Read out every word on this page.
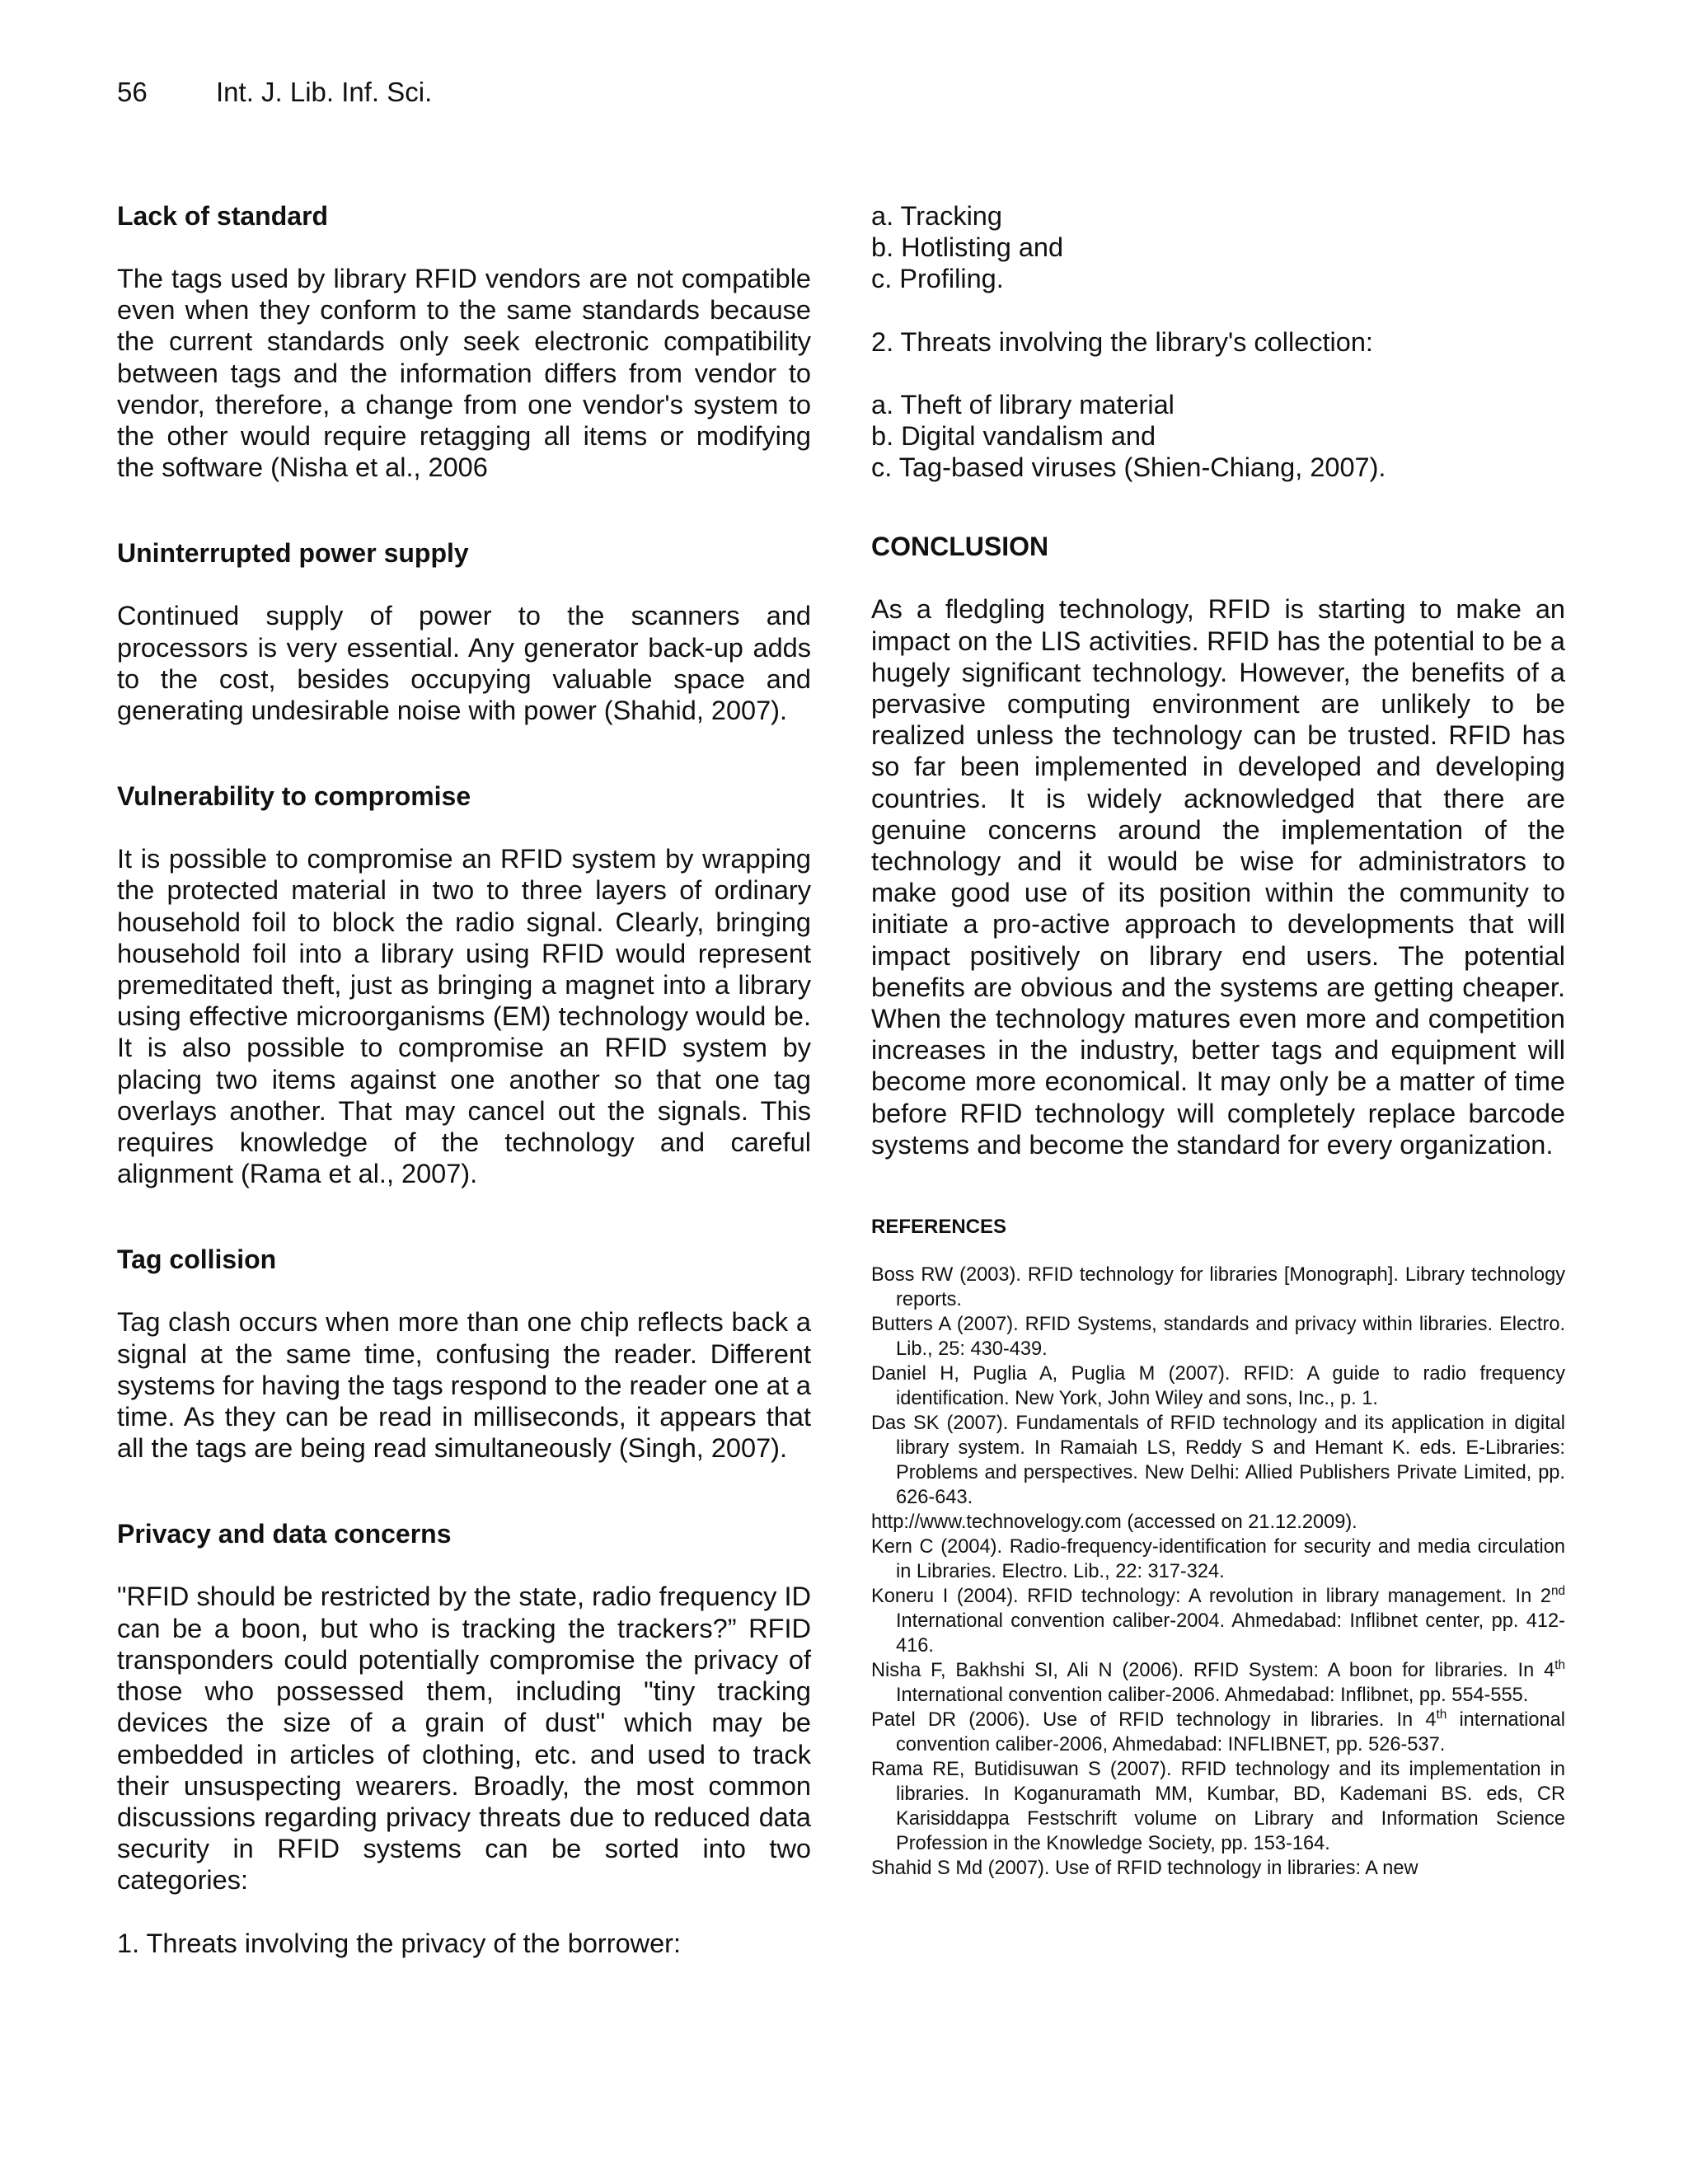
56	Int. J. Lib. Inf. Sci.
Lack of standard

The tags used by library RFID vendors are not compatible even when they conform to the same standards because the current standards only seek electronic compatibility between tags and the information differs from vendor to vendor, therefore, a change from one vendor's system to the other would require retagging all items or modifying the software (Nisha et al., 2006

Uninterrupted power supply

Continued supply of power to the scanners and processors is very essential. Any generator back-up adds to the cost, besides occupying valuable space and generating undesirable noise with power (Shahid, 2007).

Vulnerability to compromise

It is possible to compromise an RFID system by wrapping the protected material in two to three layers of ordinary household foil to block the radio signal. Clearly, bringing household foil into a library using RFID would represent premeditated theft, just as bringing a magnet into a library using effective microorganisms (EM) technology would be. It is also possible to compromise an RFID system by placing two items against one another so that one tag overlays another. That may cancel out the signals. This requires knowledge of the technology and careful alignment (Rama et al., 2007).

Tag collision

Tag clash occurs when more than one chip reflects back a signal at the same time, confusing the reader. Different systems for having the tags respond to the reader one at a time. As they can be read in milliseconds, it appears that all the tags are being read simultaneously (Singh, 2007).

Privacy and data concerns

"RFID should be restricted by the state, radio frequency ID can be a boon, but who is tracking the trackers?” RFID transponders could potentially compromise the privacy of those who possessed them, including "tiny tracking devices the size of a grain of dust" which may be embedded in articles of clothing, etc. and used to track their unsuspecting wearers. Broadly, the most common discussions regarding privacy threats due to reduced data security in RFID systems can be sorted into two categories:

1. Threats involving the privacy of the borrower:

a. Tracking

b. Hotlisting and

c. Profiling.

2. Threats involving the library's collection:

a. Theft of library material

b. Digital vandalism and

c. Tag-based viruses (Shien-Chiang, 2007).

CONCLUSION

As a fledgling technology, RFID is starting to make an impact on the LIS activities. RFID has the potential to be a hugely significant technology. However, the benefits of a pervasive computing environment are unlikely to be realized unless the technology can be trusted. RFID has so far been implemented in developed and developing countries. It is widely acknowledged that there are genuine concerns around the implementation of the technology and it would be wise for administrators to make good use of its position within the community to initiate a pro-active approach to developments that will impact positively on library end users. The potential benefits are obvious and the systems are getting cheaper. When the technology matures even more and competition increases in the industry, better tags and equipment will become more economical. It may only be a matter of time before RFID technology will completely replace barcode systems and become the standard for every organization.

REFERENCES

Boss RW (2003). RFID technology for libraries [Monograph]. Library technology reports.

Butters A (2007). RFID Systems, standards and privacy within libraries. Electro. Lib., 25: 430-439.

Daniel H, Puglia A, Puglia M (2007). RFID: A guide to radio frequency identification. New York, John Wiley and sons, Inc., p. 1.

Das SK (2007). Fundamentals of RFID technology and its application in digital library system. In Ramaiah LS, Reddy S and Hemant K. eds. E-Libraries: Problems and perspectives. New Delhi: Allied Publishers Private Limited, pp. 626-643.

http://www.technovelogy.com (accessed on 21.12.2009).

Kern C (2004). Radio-frequency-identification for security and media circulation in Libraries. Electro. Lib., 22: 317-324.

Koneru I (2004). RFID technology: A revolution in library management. In 2nd International convention caliber-2004. Ahmedabad: Inflibnet center, pp. 412-416.

Nisha F, Bakhshi SI, Ali N (2006). RFID System: A boon for libraries. In 4th International convention caliber-2006. Ahmedabad: Inflibnet, pp. 554-555.

Patel DR (2006). Use of RFID technology in libraries. In 4th international convention caliber-2006, Ahmedabad: INFLIBNET, pp. 526-537.

Rama RE, Butidisuwan S (2007). RFID technology and its implementation in libraries. In Koganuramath MM, Kumbar, BD, Kademani BS. eds, CR Karisiddappa Festschrift volume on Library and Information Science Profession in the Knowledge Society, pp. 153-164.

Shahid S Md (2007). Use of RFID technology in libraries: A new
